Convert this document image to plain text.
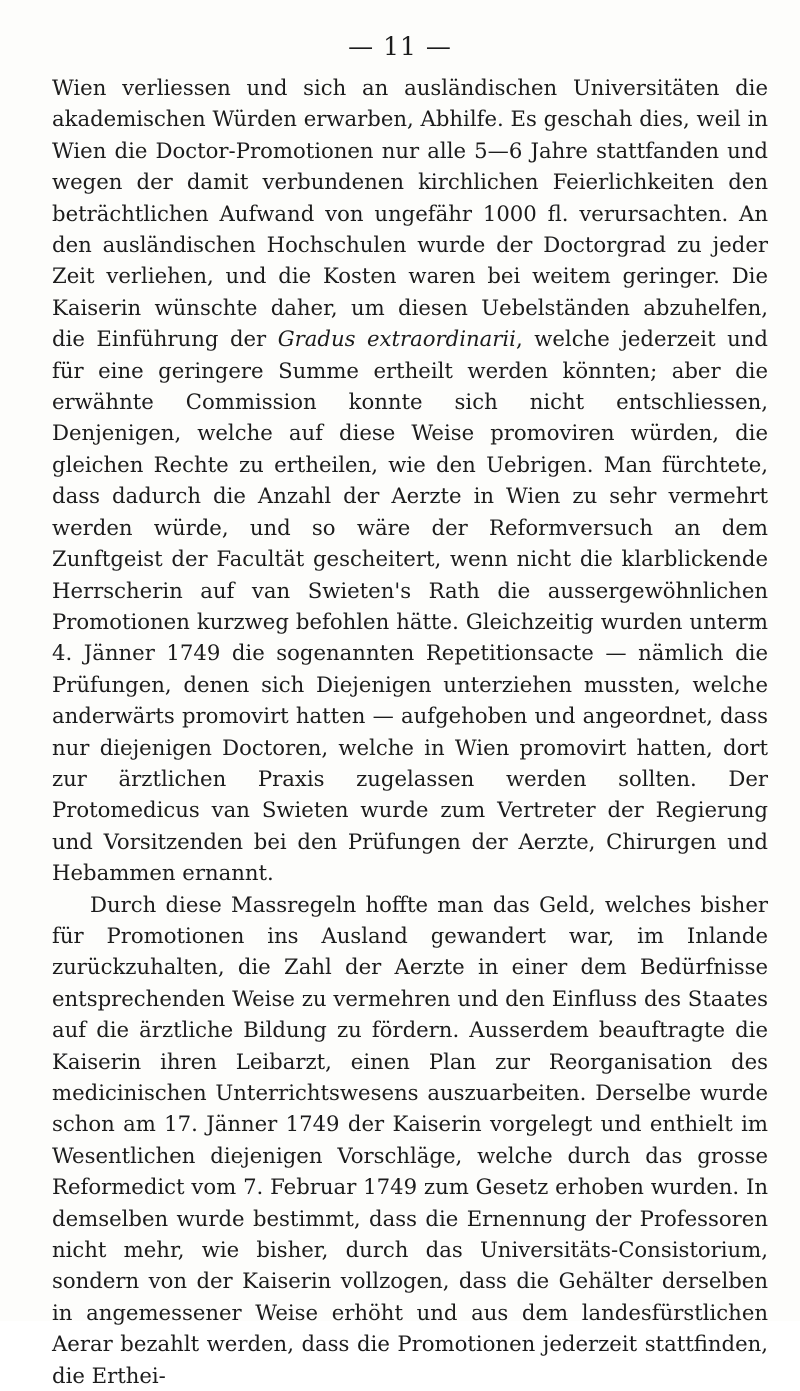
— 11 —

Wien verliessen und sich an ausländischen Universitäten die akademischen Würden erwarben, Abhilfe. Es geschah dies, weil in Wien die Doctor-Promotionen nur alle 5—6 Jahre stattfanden und wegen der damit verbundenen kirchlichen Feierlichkeiten den beträchtlichen Aufwand von ungefähr 1000 fl. verursachten. An den ausländischen Hochschulen wurde der Doctorgrad zu jeder Zeit verliehen, und die Kosten waren bei weitem geringer. Die Kaiserin wünschte daher, um diesen Uebelständen abzuhelfen, die Einführung der Gradus extraordinarii, welche jederzeit und für eine geringere Summe ertheilt werden könnten; aber die erwähnte Commission konnte sich nicht entschliessen, Denjenigen, welche auf diese Weise promoviren würden, die gleichen Rechte zu ertheilen, wie den Uebrigen. Man fürchtete, dass dadurch die Anzahl der Aerzte in Wien zu sehr vermehrt werden würde, und so wäre der Reformversuch an dem Zunftgeist der Facultät gescheitert, wenn nicht die klarblickende Herrscherin auf van Swieten's Rath die aussergewöhnlichen Promotionen kurzweg befohlen hätte. Gleichzeitig wurden unterm 4. Jänner 1749 die sogenannten Repetitionsacte — nämlich die Prüfungen, denen sich Diejenigen unterziehen mussten, welche anderwärts promovirt hatten — aufgehoben und angeordnet, dass nur diejenigen Doctoren, welche in Wien promovirt hatten, dort zur ärztlichen Praxis zugelassen werden sollten. Der Protomedicus van Swieten wurde zum Vertreter der Regierung und Vorsitzenden bei den Prüfungen der Aerzte, Chirurgen und Hebammen ernannt.

Durch diese Massregeln hoffte man das Geld, welches bisher für Promotionen ins Ausland gewandert war, im Inlande zurückzuhalten, die Zahl der Aerzte in einer dem Bedürfnisse entsprechenden Weise zu vermehren und den Einfluss des Staates auf die ärztliche Bildung zu fördern. Ausserdem beauftragte die Kaiserin ihren Leibarzt, einen Plan zur Reorganisation des medicinischen Unterrichtswesens auszuarbeiten. Derselbe wurde schon am 17. Jänner 1749 der Kaiserin vorgelegt und enthielt im Wesentlichen diejenigen Vorschläge, welche durch das grosse Reformedict vom 7. Februar 1749 zum Gesetz erhoben wurden. In demselben wurde bestimmt, dass die Ernennung der Professoren nicht mehr, wie bisher, durch das Universitäts-Consistorium, sondern von der Kaiserin vollzogen, dass die Gehälter derselben in angemessener Weise erhöht und aus dem landesfürstlichen Aerar bezahlt werden, dass die Promotionen jederzeit stattfinden, die Erthei-
